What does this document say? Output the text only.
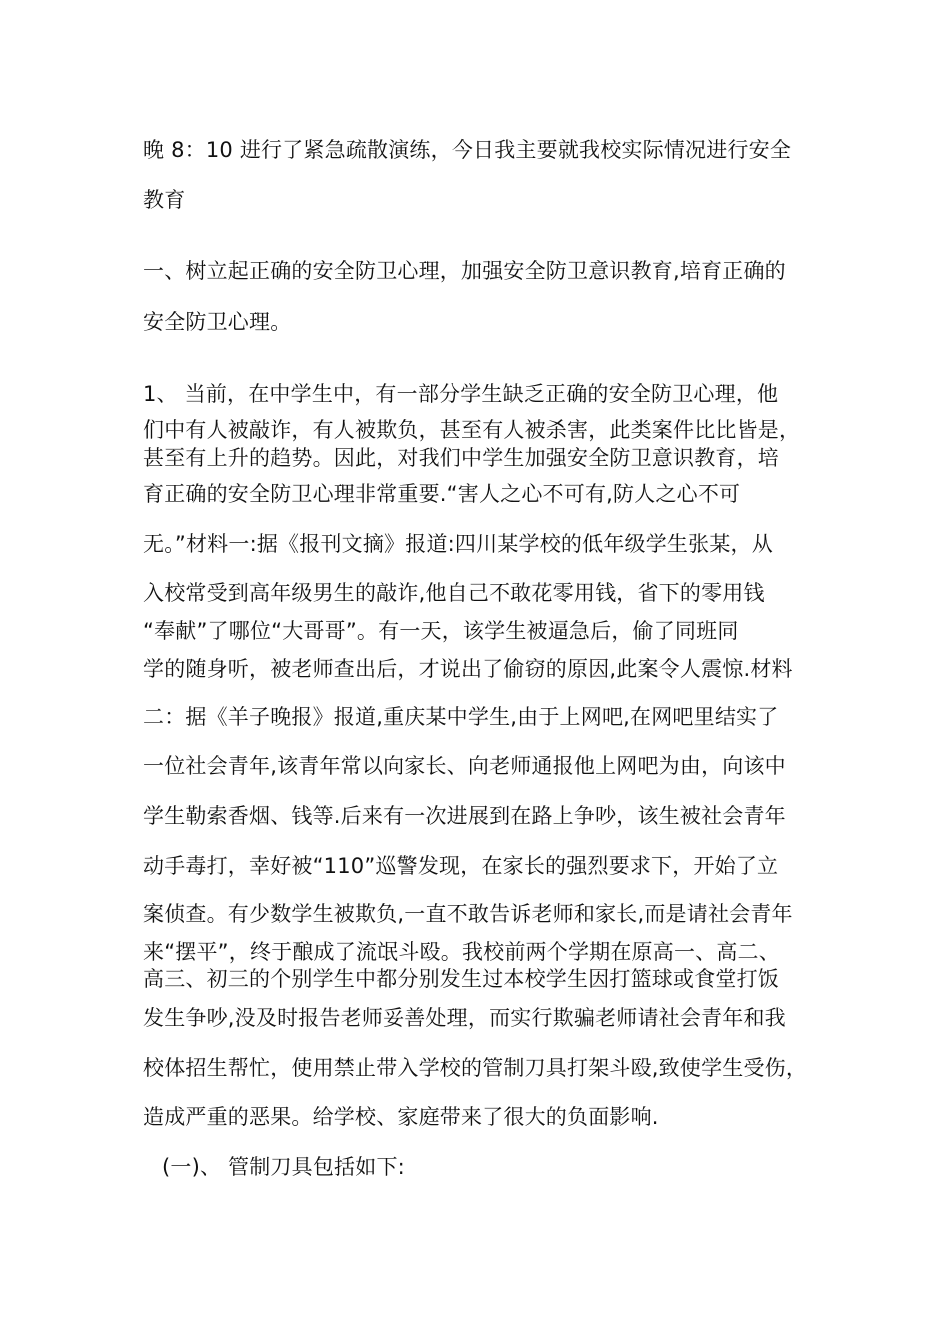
晚 8：10 进行了紧急疏散演练，今日我主要就我校实际情况进行安全
教育
一、树立起正确的安全防卫心理，加强安全防卫意识教育,培育正确的
安全防卫心理。
1、 当前，在中学生中，有一部分学生缺乏正确的安全防卫心理，他
们中有人被敲诈，有人被欺负，甚至有人被杀害，此类案件比比皆是，
甚至有上升的趋势。因此，对我们中学生加强安全防卫意识教育，培
育正确的安全防卫心理非常重要.“害人之心不可有,防人之心不可
无。”材料一:据《报刊文摘》报道:四川某学校的低年级学生张某，从
入校常受到高年级男生的敲诈,他自己不敢花零用钱，省下的零用钱
“奉献”了哪位“大哥哥”。有一天，该学生被逼急后，偷了同班同
学的随身听，被老师查出后，才说出了偷窃的原因,此案令人震惊.材料
二：据《羊子晚报》报道,重庆某中学生,由于上网吧,在网吧里结实了
一位社会青年,该青年常以向家长、向老师通报他上网吧为由，向该中
学生勒索香烟、钱等.后来有一次进展到在路上争吵，该生被社会青年
动手毒打，幸好被“110”巡警发现，在家长的强烈要求下，开始了立
案侦查。有少数学生被欺负,一直不敢告诉老师和家长,而是请社会青年
来“摆平”，终于酿成了流氓斗殴。我校前两个学期在原高一、高二、
高三、初三的个别学生中都分别发生过本校学生因打篮球或食堂打饭
发生争吵,没及时报告老师妥善处理，而实行欺骗老师请社会青年和我
校体招生帮忙，使用禁止带入学校的管制刀具打架斗殴,致使学生受伤，
造成严重的恶果。给学校、家庭带来了很大的负面影响.
(一)、 管制刀具包括如下:
